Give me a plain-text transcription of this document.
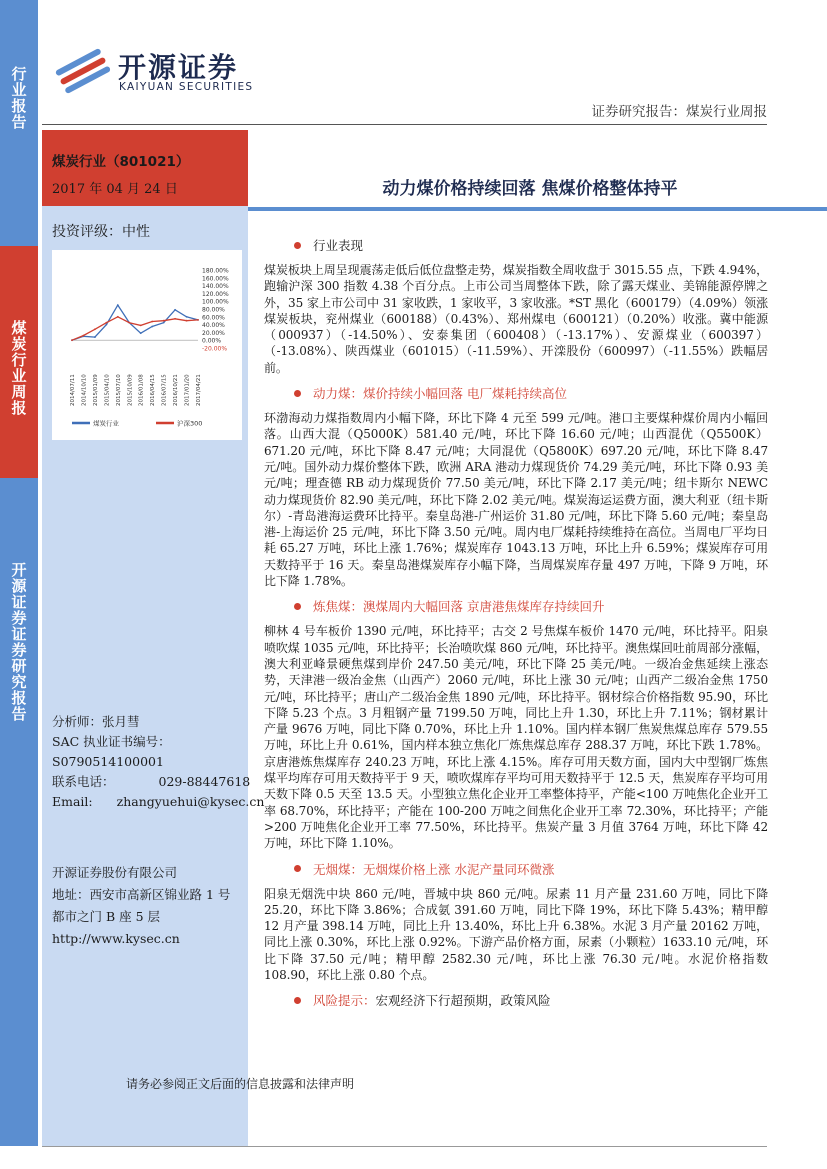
行业报告
煤炭行业周报
开源证券证券研究报告
开源证券
KAIYUAN SECURITIES
证券研究报告：煤炭行业周报
煤炭行业（801021）
2017 年 04 月 24 日
投资评级：中性
180.00%
160.00%
140.00%
120.00%
100.00%
80.00%
60.00%
40.00%
20.00%
0.00%
-20.00%
2014/07/11 2014/10/10 2015/01/09 2015/04/10 2015/07/10 2015/10/09 2016/01/08 2016/04/15 2016/07/15 2016/10/21 2017/01/20 2017/04/21
煤炭行业	沪深300
分析师：张月彗
SAC 执业证书编号：
S0790514100001
联系电话：	029-88447618
Email: zhangyuehui@kysec.cn
开源证券股份有限公司
地址：西安市高新区锦业路 1 号
都市之门 B 座 5 层
http://www.kysec.cn
请务必参阅正文后面的信息披露和法律声明
动力煤价格持续回落 焦煤价格整体持平
行业表现
煤炭板块上周呈现震荡走低后低位盘整走势，煤炭指数全周收盘于 3015.55 点，下跌 4.94%，跑输沪深 300 指数 4.38 个百分点。上市公司当周整体下跌，除了露天煤业、美锦能源停牌之外，35 家上市公司中 31 家收跌，1 家收平，3 家收涨。*ST 黑化（600179）（4.09%）领涨煤炭板块，兖州煤业（600188）（0.43%）、郑州煤电（600121）（0.20%）收涨。冀中能源（000937）（-14.50%）、安泰集团（600408）（-13.17%）、安源煤业（600397）（-13.08%）、陕西煤业（601015）（-11.59%）、开滦股份（600997）（-11.55%）跌幅居前。
动力煤：煤价持续小幅回落 电厂煤耗持续高位
环渤海动力煤指数周内小幅下降，环比下降 4 元至 599 元/吨。港口主要煤种煤价周内小幅回落。山西大混（Q5000K）581.40 元/吨，环比下降 16.60 元/吨；山西混优（Q5500K）671.20 元/吨，环比下降 8.47 元/吨；大同混优（Q5800K）697.20 元/吨，环比下降 8.47 元/吨。国外动力煤价整体下跌，欧洲 ARA 港动力煤现货价 74.29 美元/吨，环比下降 0.93 美元/吨；理查德 RB 动力煤现货价 77.50 美元/吨，环比下降 2.17 美元/吨；纽卡斯尔 NEWC 动力煤现货价 82.90 美元/吨，环比下降 2.02 美元/吨。煤炭海运运费方面，澳大利亚（纽卡斯尔）-青岛港海运费环比持平。秦皇岛港-广州运价 31.80 元/吨，环比下降 5.60 元/吨；秦皇岛港-上海运价 25 元/吨，环比下降 3.50 元/吨。周内电厂煤耗持续维持在高位。当周电厂平均日耗 65.27 万吨，环比上涨 1.76%；煤炭库存 1043.13 万吨，环比上升 6.59%；煤炭库存可用天数持平于 16 天。秦皇岛港煤炭库存小幅下降，当周煤炭库存量 497 万吨，下降 9 万吨，环比下降 1.78%。
炼焦煤：澳煤周内大幅回落 京唐港焦煤库存持续回升
柳林 4 号车板价 1390 元/吨，环比持平；古交 2 号焦煤车板价 1470 元/吨，环比持平。阳泉喷吹煤 1035 元/吨，环比持平；长治喷吹煤 860 元/吨，环比持平。澳焦煤回吐前周部分涨幅，澳大利亚峰景硬焦煤到岸价 247.50 美元/吨，环比下降 25 美元/吨。一级冶金焦延续上涨态势，天津港一级冶金焦（山西产）2060 元/吨，环比上涨 30 元/吨；山西产二级冶金焦 1750 元/吨，环比持平；唐山产二级冶金焦 1890 元/吨，环比持平。钢材综合价格指数 95.90，环比下降 5.23 个点。3 月粗钢产量 7199.50 万吨，同比上升 1.30，环比上升 7.11%；钢材累计产量 9676 万吨，同比下降 0.70%，环比上升 1.10%。国内样本钢厂焦炭焦煤总库存 579.55 万吨，环比上升 0.61%，国内样本独立焦化厂炼焦煤总库存 288.37 万吨，环比下跌 1.78%。京唐港炼焦煤库存 240.23 万吨，环比上涨 4.15%。库存可用天数方面，国内大中型钢厂炼焦煤平均库存可用天数持平于 9 天，喷吹煤库存平均可用天数持平于 12.5 天，焦炭库存平均可用天数下降 0.5 天至 13.5 天。小型独立焦化企业开工率整体持平，产能<100 万吨焦化企业开工率 68.70%，环比持平；产能在 100-200 万吨之间焦化企业开工率 72.30%，环比持平；产能>200 万吨焦化企业开工率 77.50%，环比持平。焦炭产量 3 月值 3764 万吨，环比下降 42 万吨，环比下降 1.10%。
无烟煤：无烟煤价格上涨 水泥产量同环微涨
阳泉无烟洗中块 860 元/吨，晋城中块 860 元/吨。尿素 11 月产量 231.60 万吨，同比下降 25.20，环比下降 3.86%；合成氨 391.60 万吨，同比下降 19%，环比下降 5.43%；精甲醇 12 月产量 398.14 万吨，同比上升 13.40%，环比上升 6.38%。水泥 3 月产量 20162 万吨，同比上涨 0.30%，环比上涨 0.92%。下游产品价格方面，尿素（小颗粒）1633.10 元/吨，环比下降 37.50 元/吨；精甲醇 2582.30 元/吨，环比上涨 76.30 元/吨。水泥价格指数 108.90，环比上涨 0.80 个点。
风险提示： 宏观经济下行超预期，政策风险
